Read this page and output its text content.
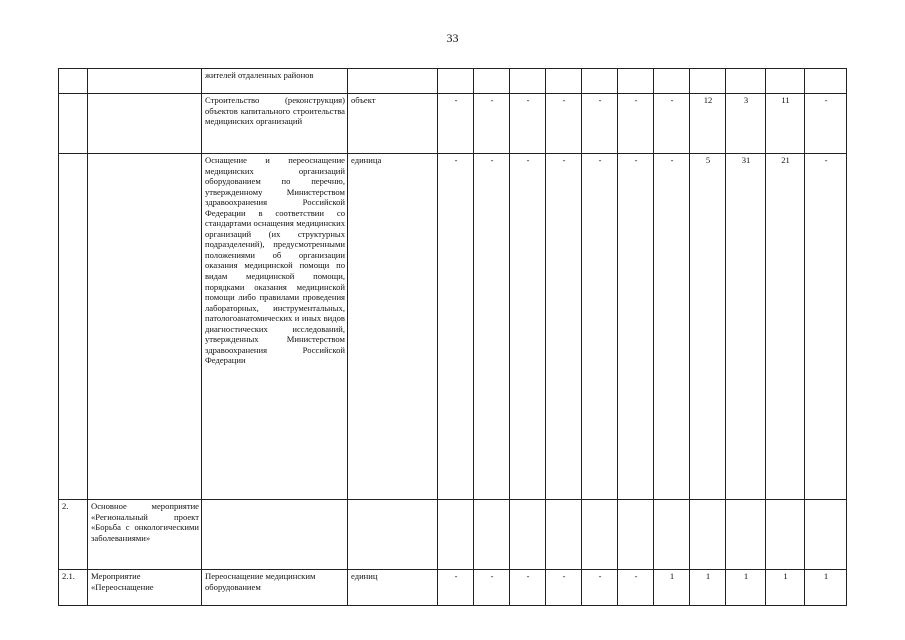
33
		жителей отдаленных районов												
		Строительство (реконструкция) объектов капитального строительства медицинских организаций	объект	-	-	-	-	-	-	-	12	3	11	-
		Оснащение и переоснащение медицинских организаций оборудованием по перечню, утвержденному Министерством здравоохранения Российской Федерации в соответствии со стандартами оснащения медицинских организаций (их структурных подразделений), предусмотренными положениями об организации оказания медицинской помощи по видам медицинской помощи, порядками оказания медицинской помощи либо правилами проведения лабораторных, инструментальных, патологоанатомических и иных видов диагностических исследований, утвержденных Министерством здравоохранения Российской Федерации	единица	-	-	-	-	-	-	-	5	31	21	-
2.	Основное мероприятие «Региональный проект «Борьба с онкологическими заболеваниями»													
2.1.	Мероприятие «Переоснащение	Переоснащение медицинским оборудованием	единиц	-	-	-	-	-	-	1	1	1	1	1
